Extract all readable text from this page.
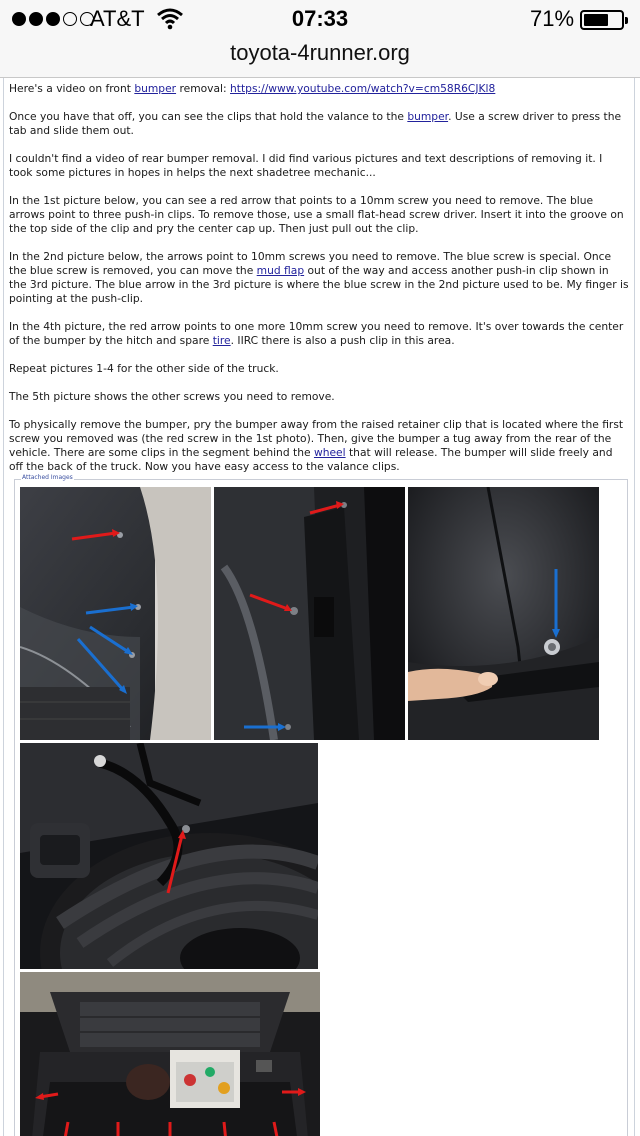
AT&T	07:33	71%
toyota-4runner.org

Here's a video on front bumper removal: https://www.youtube.com/watch?v=cm58R6CJKl8

Once you have that off, you can see the clips that hold the valance to the bumper. Use a screw driver to press the tab and slide them out.

I couldn't find a video of rear bumper removal. I did find various pictures and text descriptions of removing it. I took some pictures in hopes in helps the next shadetree mechanic...

In the 1st picture below, you can see a red arrow that points to a 10mm screw you need to remove. The blue arrows point to three push-in clips. To remove those, use a small flat-head screw driver. Insert it into the groove on the top side of the clip and pry the center cap up. Then just pull out the clip.

In the 2nd picture below, the arrows point to 10mm screws you need to remove. The blue screw is special. Once the blue screw is removed, you can move the mud flap out of the way and access another push-in clip shown in the 3rd picture. The blue arrow in the 3rd picture is where the blue screw in the 2nd picture used to be. My finger is pointing at the push-clip.

In the 4th picture, the red arrow points to one more 10mm screw you need to remove. It's over towards the center of the bumper by the hitch and spare tire. IIRC there is also a push clip in this area.

Repeat pictures 1-4 for the other side of the truck.

The 5th picture shows the other screws you need to remove.

To physically remove the bumper, pry the bumper away from the raised retainer clip that is located where the first screw you removed was (the red screw in the 1st photo). Then, give the bumper a tug away from the rear of the vehicle. There are some clips in the segment behind the wheel that will release. The bumper will slide freely and off the back of the truck. Now you have easy access to the valance clips.

Attached Images
